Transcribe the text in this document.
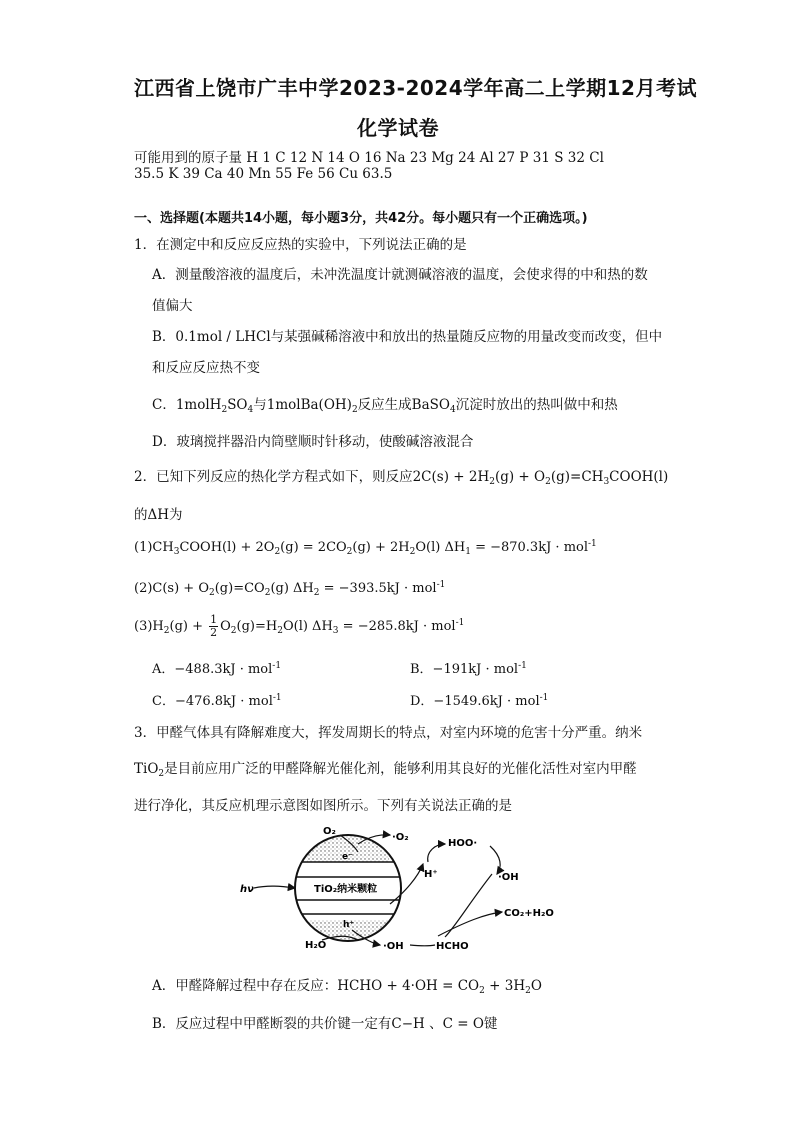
江西省上饶市广丰中学2023-2024学年高二上学期12月考试
化学试卷
可能用到的原子量 H 1 C 12 N 14 O 16 Na 23 Mg 24 Al 27 P 31 S 32 Cl
35.5 K 39 Ca 40 Mn 55 Fe 56 Cu 63.5
一、选择题(本题共14小题，每小题3分，共42分。每小题只有一个正确选项。)
1．在测定中和反应反应热的实验中，下列说法正确的是
A．测量酸溶液的温度后，未冲洗温度计就测碱溶液的温度，会使求得的中和热的数
值偏大
B．0.1mol / LHCl与某强碱稀溶液中和放出的热量随反应物的用量改变而改变，但中
和反应反应热不变
C．$1molH_2SO_4$与$1molBa(OH)_2$反应生成BaSO$_4$沉淀时放出的热叫做中和热
D．玻璃搅拌器沿内筒壁顺时针移动，使酸碱溶液混合
2．已知下列反应的热化学方程式如下，则反应$2C(s) + 2H_2(g)$ + $O_2(g)=CH_3COOH(l)$
的ΔH为
$(1)CH_3COOH(l) + 2O_2(g) = 2CO_2(g) + 2H_2O(l) \Delta H_1 = -870.3kJ \cdot mol^{-1}$
$(2)C(s) + O_2(g)=CO_2(g) \Delta H_2 = -393.5kJ \cdot mol^{-1}$
$(3)H_2(g) + \frac{1}{2} O_2(g)=H_2O(l) \Delta H_3 = -285.8kJ \cdot mol^{-1}$
A．−488.3kJ · mol$^{-1}$	B．−191kJ · mol$^{-1}$
C．−476.8kJ · mol$^{-1}$	D．−1549.6kJ · mol$^{-1}$
3．甲醛气体具有降解难度大，挥发周期长的特点，对室内环境的危害十分严重。纳米
TiO$_2$是目前应用广泛的甲醛降解光催化剂，能够利用其良好的光催化活性对室内甲醛
进行净化，其反应机理示意图如图所示。下列有关说法正确的是
TiO₂纳米颗粒
e⁻
h⁺
hν
O₂
·O₂
H₂O	·OH
H⁺
HOO·
·OH
HCHO
CO₂+H₂O
A．甲醛降解过程中存在反应：HCHO + $4\cdot OH = CO_2 + 3H_2O$
B．反应过程中甲醛断裂的共价键一定有C−H 、C = O键
